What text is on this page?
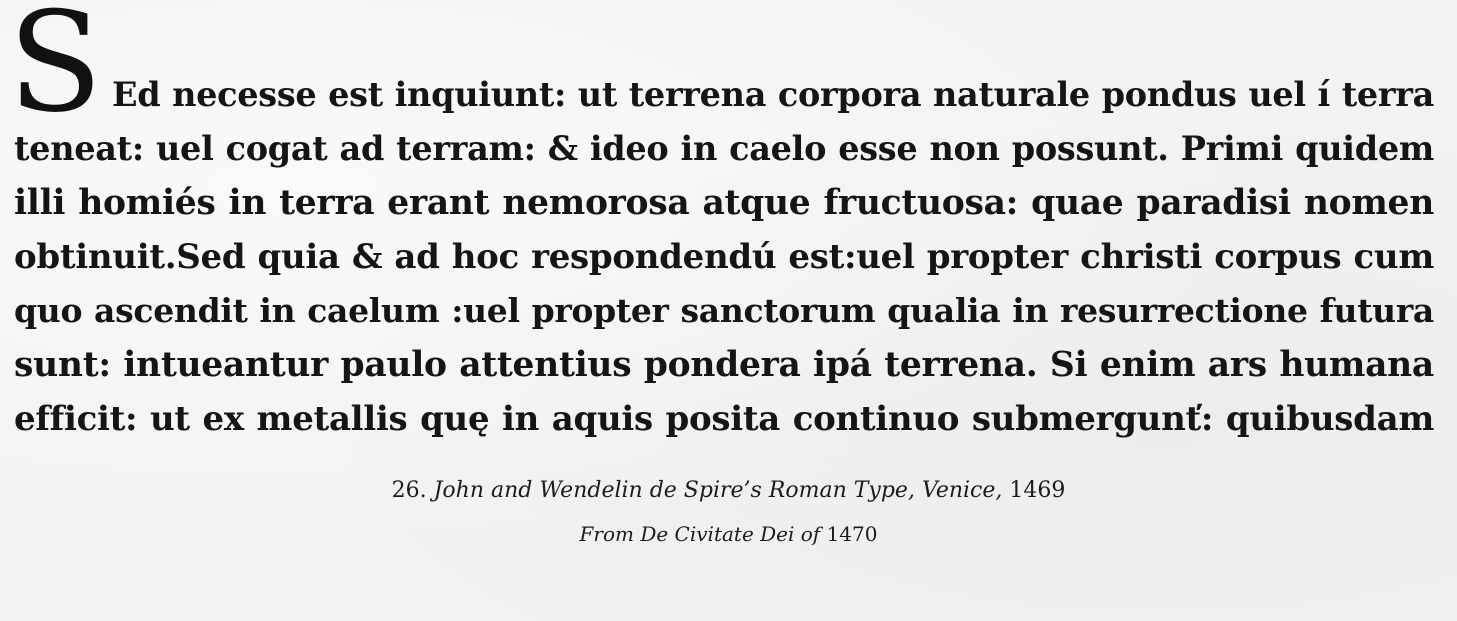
S Ed necesse est inquiunt: ut terrena corpora naturale pondus uel í terra
teneat: uel cogat ad terram: & ideo in caelo esse non possunt. Primi quidem
illi homiés in terra erant nemorosa atque fructuosa: quae paradisi nomen
obtinuit.Sed quia & ad hoc respondendú est:uel propter christi corpus cum
quo ascendit in caelum :uel propter sanctorum qualia in resurrectione futura
sunt: intueantur paulo attentius pondera ipá terrena. Si enim ars humana
efficit: ut ex metallis quę in aquis posita continuo submergunť: quibusdam
26. John and Wendelin de Spire’s Roman Type, Venice, 1469
From De Civitate Dei of 1470
